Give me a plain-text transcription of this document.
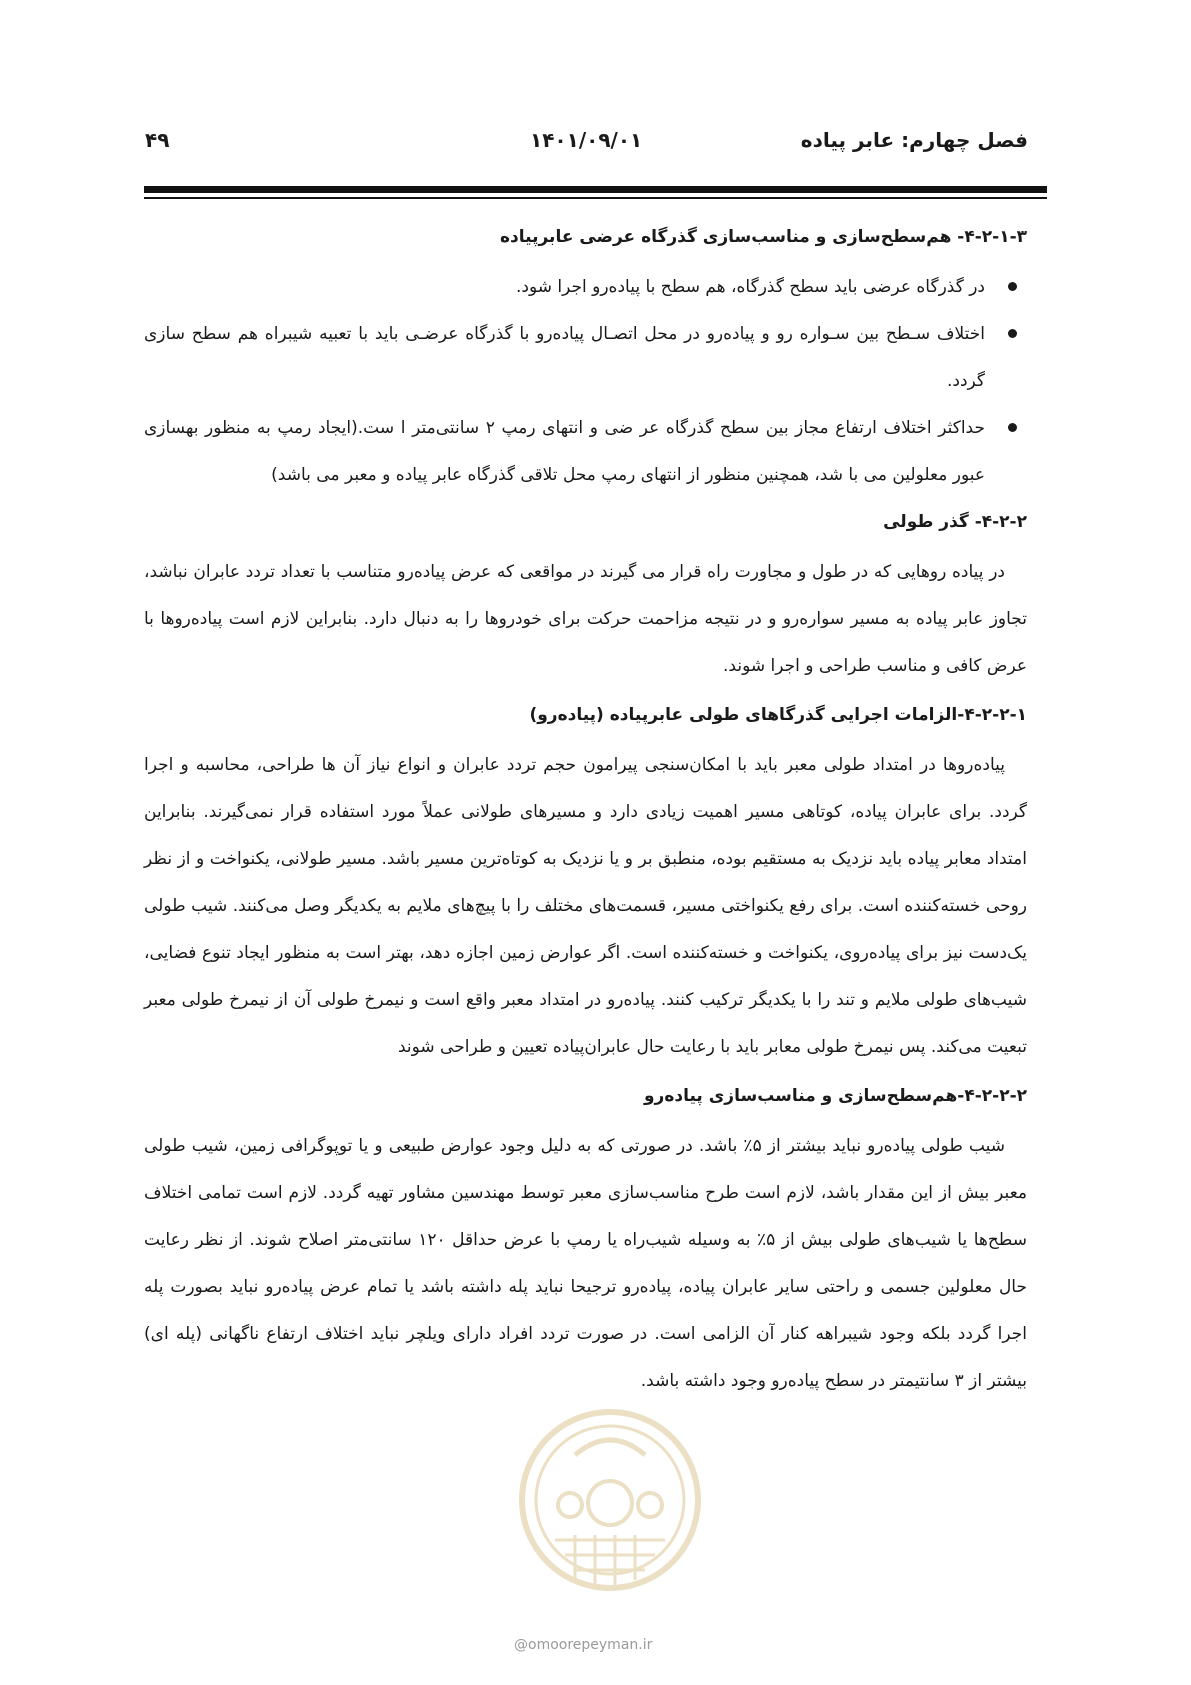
فصل چهارم: عابر پیاده
۱۴۰۱/۰۹/۰۱
۴۹
۴-۲-۱-۳- هم‌سطح‌سازی و مناسب‌سازی گذرگاه عرضی عابرپیاده
در گذرگاه عرضی باید سطح گذرگاه، هم سطح با پیاده‌رو اجرا شود.
اختلاف سـطح بین سـواره رو و پیاده‌رو در محل اتصـال پیاده‌رو با گذرگاه عرضـی باید با تعبیه شیبراه هم سطح سازی گردد.
حداکثر اختلاف ارتفاع مجاز بین سطح گذرگاه عر ضی و انتهای رمپ ۲ سانتی‌متر ا ست.(ایجاد رمپ به منظور بهسازی عبور معلولین می با شد، همچنین منظور از انتهای رمپ محل تلاقی گذرگاه عابر پیاده و معبر می باشد)
۴-۲-۲- گذر طولی

در پیاده روهایی که در طول و مجاورت راه قرار می گیرند در مواقعی که عرض پیاده‌رو متناسب با تعداد تردد عابران نباشد، تجاوز عابر پیاده به مسیر سواره‌رو و در نتیجه مزاحمت حرکت برای خودروها را به دنبال دارد. بنابراین لازم است پیاده‌روها با عرض کافی و مناسب طراحی و اجرا شوند.

۴-۲-۲-۱-الزامات اجرایی گذرگاهای طولی عابرپیاده (پیاده‌رو)

پیاده‌روها در امتداد طولی معبر باید با امکان‌سنجی پیرامون حجم تردد عابران و انواع نیاز آن ها طراحی، محاسبه و اجرا گردد. برای عابران پیاده، کوتاهی مسیر اهمیت زیادی دارد و مسیرهای طولانی عملاً مورد استفاده قرار نمی‌گیرند. بنابراین امتداد معابر پیاده باید نزدیک به مستقیم بوده، منطبق بر و یا نزدیک به کوتاه‌ترین مسیر باشد. مسیر طولانی، یکنواخت و از نظر روحی خسته‌کننده است. برای رفع یکنواختی مسیر، قسمت‌های مختلف را با پیچ‌های ملایم به یکدیگر وصل می‌کنند. شیب طولی یک‌دست نیز برای پیاده‌روی، یکنواخت و خسته‌کننده است. اگر عوارض زمین اجازه دهد، بهتر است به منظور ایجاد تنوع فضایی، شیب‌های طولی ملایم و تند را با یکدیگر ترکیب کنند. پیاده‌رو در امتداد معبر واقع است و نیمرخ طولی آن از نیمرخ طولی معبر تبعیت می‌کند. پس نیمرخ طولی معابر باید با رعایت حال عابران‌پیاده تعیین و طراحی شوند

۴-۲-۲-۲-هم‌سطح‌سازی و مناسب‌سازی پیاده‌رو

شیب طولی پیاده‌رو نباید بیشتر از ۵٪ باشد. در صورتی که به دلیل وجود عوارض طبیعی و یا توپوگرافی زمین، شیب طولی معبر بیش از این مقدار باشد، لازم است طرح مناسب‌سازی معبر توسط مهندسین مشاور تهیه گردد. لازم است تمامی اختلاف سطح‌ها یا شیب‌های طولی بیش از ۵٪ به وسیله شیب‌راه یا رمپ با عرض حداقل ۱۲۰ سانتی‌متر اصلاح شوند. از نظر رعایت حال معلولین جسمی و راحتی سایر عابران پیاده، پیاده‌رو ترجیحا نباید پله داشته باشد یا تمام عرض پیاده‌رو نباید بصورت پله اجرا گردد بلکه وجود شیبراهه کنار آن الزامی است. در صورت تردد افراد دارای ویلچر نباید اختلاف ارتفاع ناگهانی (پله ای) بیشتر از ۳ سانتیمتر در سطح پیاده‌رو وجود داشته باشد.

@omoorepeyman.ir
